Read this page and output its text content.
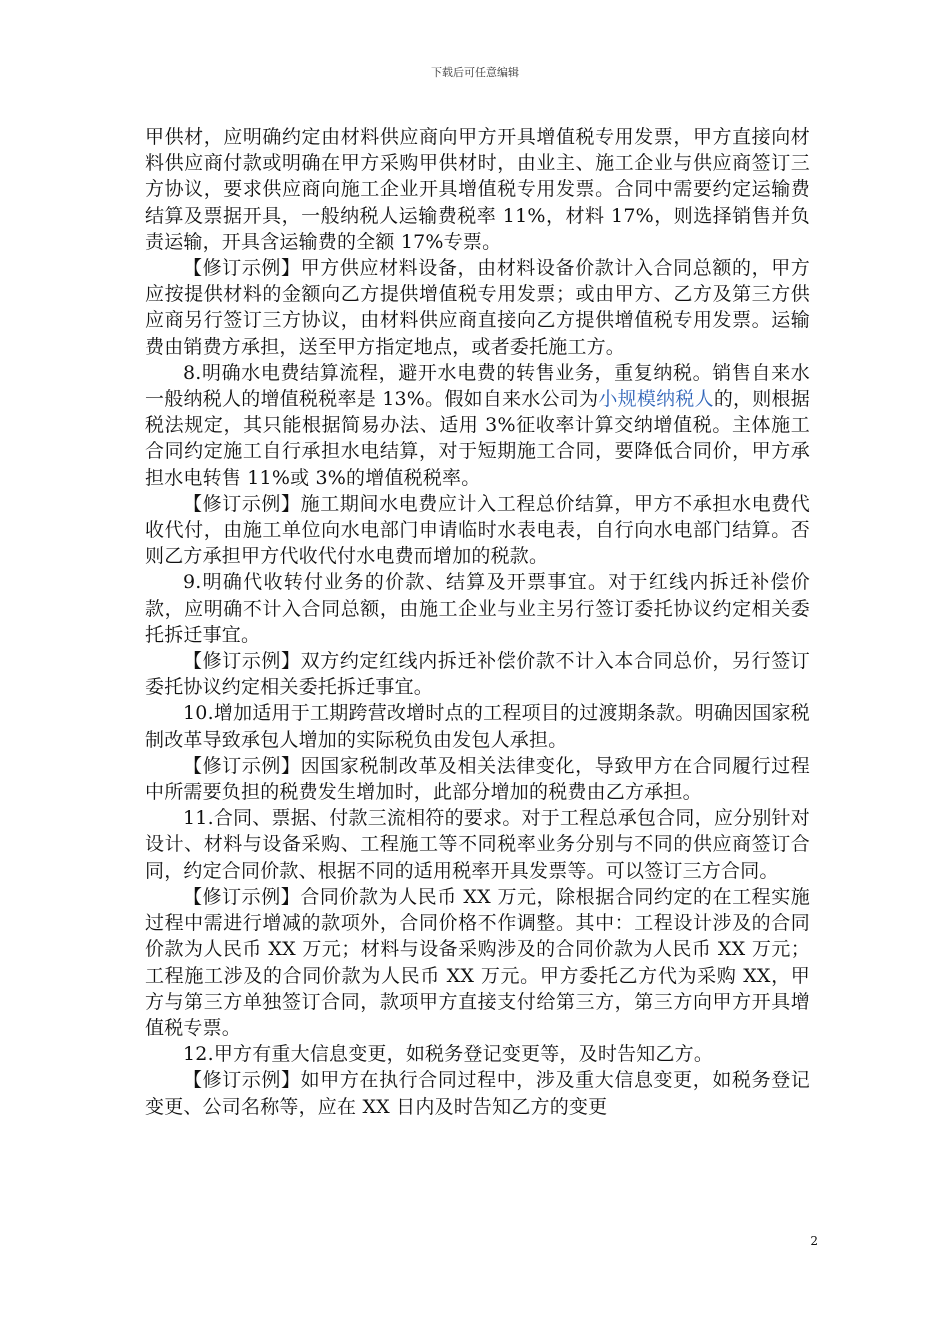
下载后可任意编辑

甲供材，应明确约定由材料供应商向甲方开具增值税专用发票，甲方直接向材料供应商付款或明确在甲方采购甲供材时，由业主、施工企业与供应商签订三方协议，要求供应商向施工企业开具增值税专用发票。合同中需要约定运输费结算及票据开具，一般纳税人运输费税率 11%，材料 17%，则选择销售并负责运输，开具含运输费的全额 17%专票。

【修订示例】甲方供应材料设备，由材料设备价款计入合同总额的，甲方应按提供材料的金额向乙方提供增值税专用发票；或由甲方、乙方及第三方供应商另行签订三方协议，由材料供应商直接向乙方提供增值税专用发票。运输费由销费方承担，送至甲方指定地点，或者委托施工方。

8.明确水电费结算流程，避开水电费的转售业务，重复纳税。销售自来水一般纳税人的增值税税率是 13%。假如自来水公司为小规模纳税人的，则根据税法规定，其只能根据简易办法、适用 3%征收率计算交纳增值税。主体施工合同约定施工自行承担水电结算，对于短期施工合同，要降低合同价，甲方承担水电转售 11%或 3%的增值税税率。

【修订示例】施工期间水电费应计入工程总价结算，甲方不承担水电费代收代付，由施工单位向水电部门申请临时水表电表，自行向水电部门结算。否则乙方承担甲方代收代付水电费而增加的税款。

9.明确代收转付业务的价款、结算及开票事宜。对于红线内拆迁补偿价款，应明确不计入合同总额，由施工企业与业主另行签订委托协议约定相关委托拆迁事宜。

【修订示例】双方约定红线内拆迁补偿价款不计入本合同总价，另行签订委托协议约定相关委托拆迁事宜。

10.增加适用于工期跨营改增时点的工程项目的过渡期条款。明确因国家税制改革导致承包人增加的实际税负由发包人承担。

【修订示例】因国家税制改革及相关法律变化，导致甲方在合同履行过程中所需要负担的税费发生增加时，此部分增加的税费由乙方承担。

11.合同、票据、付款三流相符的要求。对于工程总承包合同，应分别针对设计、材料与设备采购、工程施工等不同税率业务分别与不同的供应商签订合同，约定合同价款、根据不同的适用税率开具发票等。可以签订三方合同。

【修订示例】合同价款为人民币 XX 万元，除根据合同约定的在工程实施过程中需进行增减的款项外，合同价格不作调整。其中：工程设计涉及的合同价款为人民币 XX 万元；材料与设备采购涉及的合同价款为人民币 XX 万元；工程施工涉及的合同价款为人民币 XX 万元。甲方委托乙方代为采购 XX，甲方与第三方单独签订合同，款项甲方直接支付给第三方，第三方向甲方开具增值税专票。

12.甲方有重大信息变更，如税务登记变更等，及时告知乙方。

【修订示例】如甲方在执行合同过程中，涉及重大信息变更，如税务登记变更、公司名称等，应在 XX 日内及时告知乙方的变更

2
